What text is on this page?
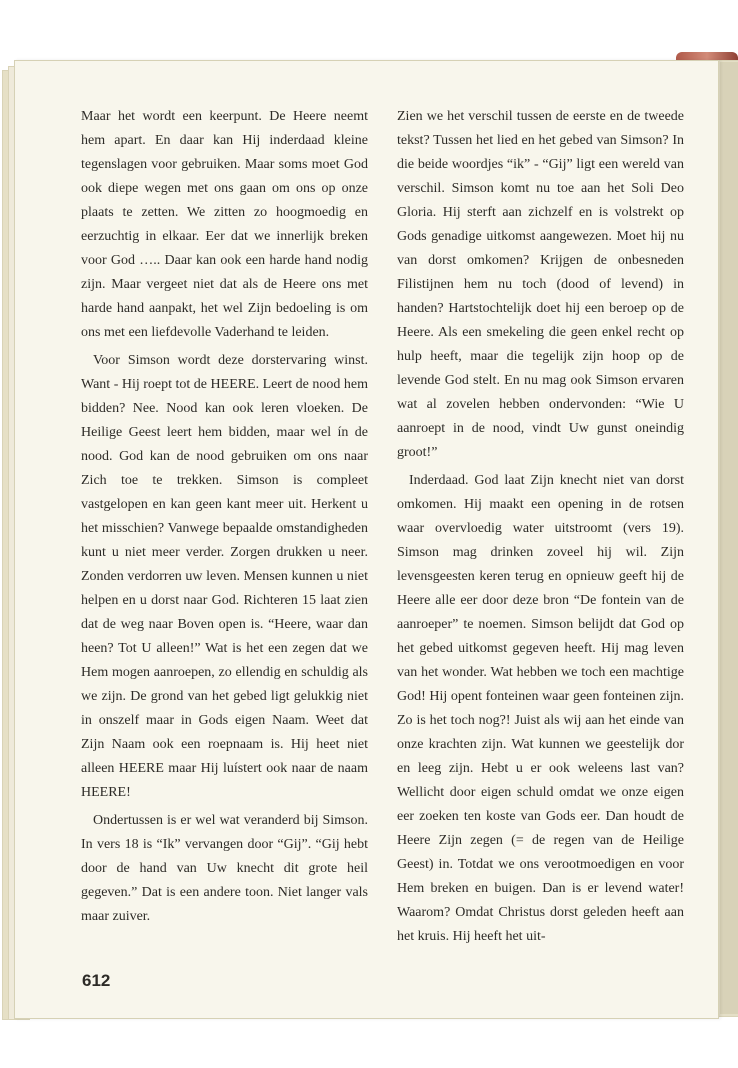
Maar het wordt een keerpunt. De Heere neemt hem apart. En daar kan Hij inderdaad kleine tegenslagen voor gebruiken. Maar soms moet God ook diepe wegen met ons gaan om ons op onze plaats te zetten. We zitten zo hoogmoedig en eerzuchtig in elkaar. Eer dat we innerlijk breken voor God ….. Daar kan ook een harde hand nodig zijn. Maar vergeet niet dat als de Heere ons met harde hand aanpakt, het wel Zijn bedoeling is om ons met een liefdevolle Vaderhand te leiden.

Voor Simson wordt deze dorstervaring winst. Want - Hij roept tot de HEERE. Leert de nood hem bidden? Nee. Nood kan ook leren vloeken. De Heilige Geest leert hem bidden, maar wel ín de nood. God kan de nood gebruiken om ons naar Zich toe te trekken. Simson is compleet vastgelopen en kan geen kant meer uit. Herkent u het misschien? Vanwege bepaalde omstandigheden kunt u niet meer verder. Zorgen drukken u neer. Zonden verdorren uw leven. Mensen kunnen u niet helpen en u dorst naar God. Richteren 15 laat zien dat de weg naar Boven open is. “Heere, waar dan heen? Tot U alleen!” Wat is het een zegen dat we Hem mogen aanroepen, zo ellendig en schuldig als we zijn. De grond van het gebed ligt gelukkig niet in onszelf maar in Gods eigen Naam. Weet dat Zijn Naam ook een roepnaam is. Hij heet niet alleen HEERE maar Hij luístert ook naar de naam HEERE!

Ondertussen is er wel wat veranderd bij Simson. In vers 18 is “Ik” vervangen door “Gij”. “Gij hebt door de hand van Uw knecht dit grote heil gegeven.” Dat is een andere toon. Niet langer vals maar zuiver.

Zien we het verschil tussen de eerste en de tweede tekst? Tussen het lied en het gebed van Simson? In die beide woordjes “ik” - “Gij” ligt een wereld van verschil. Simson komt nu toe aan het Soli Deo Gloria. Hij sterft aan zichzelf en is volstrekt op Gods genadige uitkomst aangewezen. Moet hij nu van dorst omkomen? Krijgen de onbesneden Filistijnen hem nu toch (dood of levend) in handen? Hartstochtelijk doet hij een beroep op de Heere. Als een smekeling die geen enkel recht op hulp heeft, maar die tegelijk zijn hoop op de levende God stelt. En nu mag ook Simson ervaren wat al zovelen hebben ondervonden: “Wie U aanroept in de nood, vindt Uw gunst oneindig groot!”

Inderdaad. God laat Zijn knecht niet van dorst omkomen. Hij maakt een opening in de rotsen waar overvloedig water uitstroomt (vers 19). Simson mag drinken zoveel hij wil. Zijn levensgeesten keren terug en opnieuw geeft hij de Heere alle eer door deze bron “De fontein van de aanroeper” te noemen. Simson belijdt dat God op het gebed uitkomst gegeven heeft. Hij mag leven van het wonder. Wat hebben we toch een machtige God! Hij opent fonteinen waar geen fonteinen zijn. Zo is het toch nog?! Juist als wij aan het einde van onze krachten zijn. Wat kunnen we geestelijk dor en leeg zijn. Hebt u er ook weleens last van? Wellicht door eigen schuld omdat we onze eigen eer zoeken ten koste van Gods eer. Dan houdt de Heere Zijn zegen (= de regen van de Heilige Geest) in. Totdat we ons verootmoedigen en voor Hem breken en buigen. Dan is er levend water! Waarom? Omdat Christus dorst geleden heeft aan het kruis. Hij heeft het uit-

612
